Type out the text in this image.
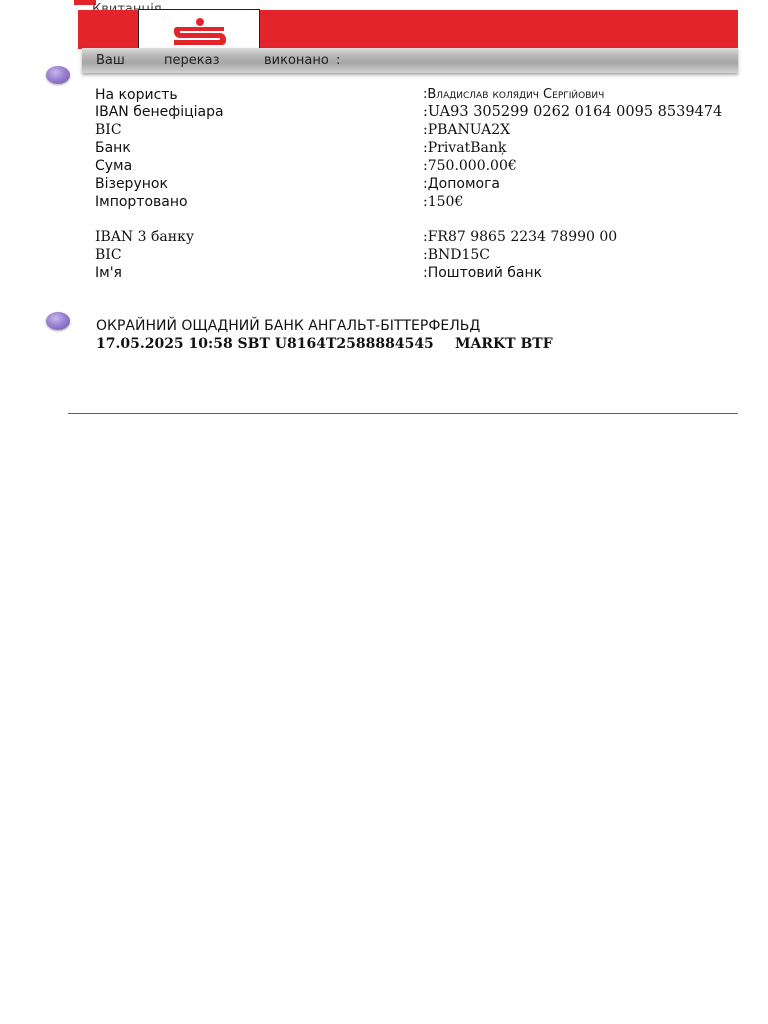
Ваш	переказ	виконано :
На користь	:Владислав колядич Сергійович
IBAN бенефіціара	:UA93 305299 0262 0164 0095 8539474
BIC	:PBANUA2X
Банк	:PrivatBanķ
Сума	:750.000.00€
Візерунок	:Допомога
Імпортовано	:150€
IBAN 3 банку	:FR87 9865 2234 78990 00
BIC	:BND15C
Ім'я	:Поштовий банк
ОКРАЙНИЙ ОЩАДНИЙ БАНК АНГАЛЬТ-БІТТЕРФЕЛЬД
17.05.2025 10:58 SBT U8164T2588884545 MARKT BTF
